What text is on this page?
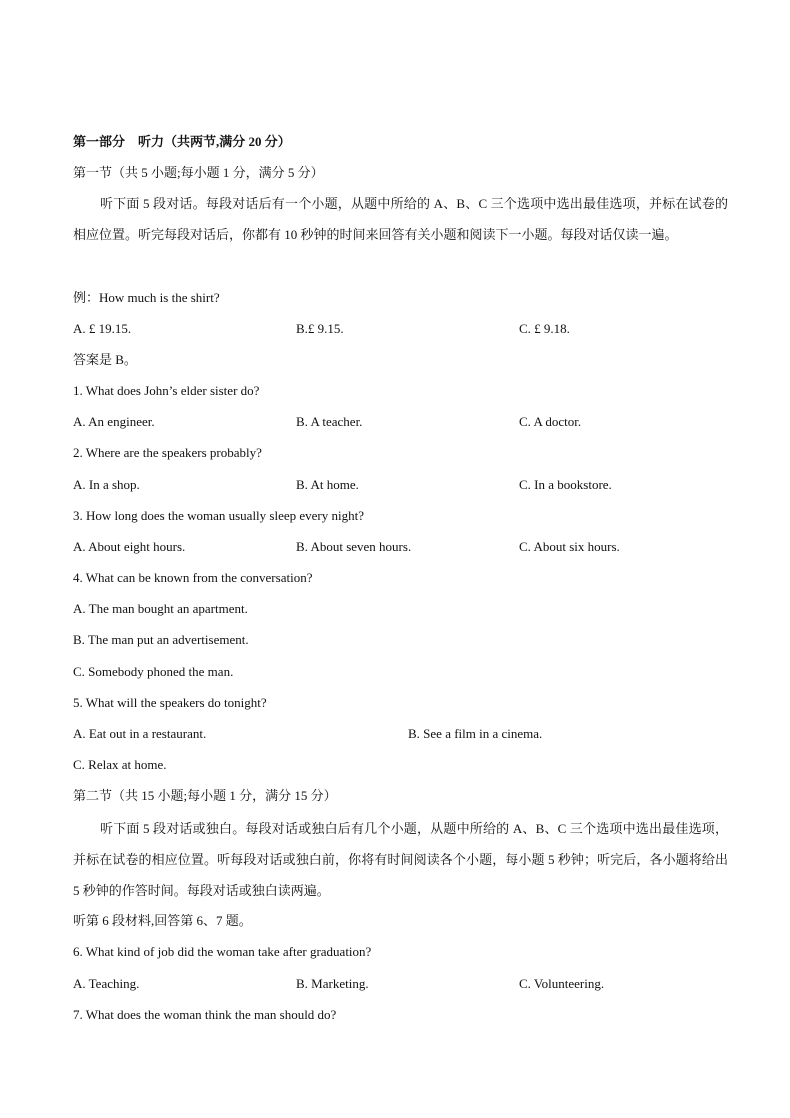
第一部分　听力（共两节,满分 20 分）
第一节（共 5 小题;每小题 1 分，满分 5 分）
听下面 5 段对话。每段对话后有一个小题，从题中所给的 A、B、C 三个选项中选出最佳选项，并标在试卷的相应位置。听完每段对话后，你都有 10 秒钟的时间来回答有关小题和阅读下一小题。每段对话仅读一遍。
例：How much is the shirt?
A. £ 19.15.	B.£ 9.15.	C. £ 9.18.
答案是 B。
1. What does John’s elder sister do?
A. An engineer.	B. A teacher.	C. A doctor.
2. Where are the speakers probably?
A. In a shop.	B. At home.	C. In a bookstore.
3. How long does the woman usually sleep every night?
A. About eight hours.	B. About seven hours.	C. About six hours.
4. What can be known from the conversation?
A. The man bought an apartment.
B. The man put an advertisement.
C. Somebody phoned the man.
5. What will the speakers do tonight?
A. Eat out in a restaurant.	B. See a film in a cinema.
C. Relax at home.
第二节（共 15 小题;每小题 1 分，满分 15 分）
听下面 5 段对话或独白。每段对话或独白后有几个小题，从题中所给的 A、B、C 三个选项中选出最佳选项，并标在试卷的相应位置。听每段对话或独白前，你将有时间阅读各个小题，每小题 5 秒钟；听完后，各小题将给出 5 秒钟的作答时间。每段对话或独白读两遍。
听第 6 段材料,回答第 6、7 题。
6. What kind of job did the woman take after graduation?
A. Teaching.	B. Marketing.	C. Volunteering.
7. What does the woman think the man should do?
